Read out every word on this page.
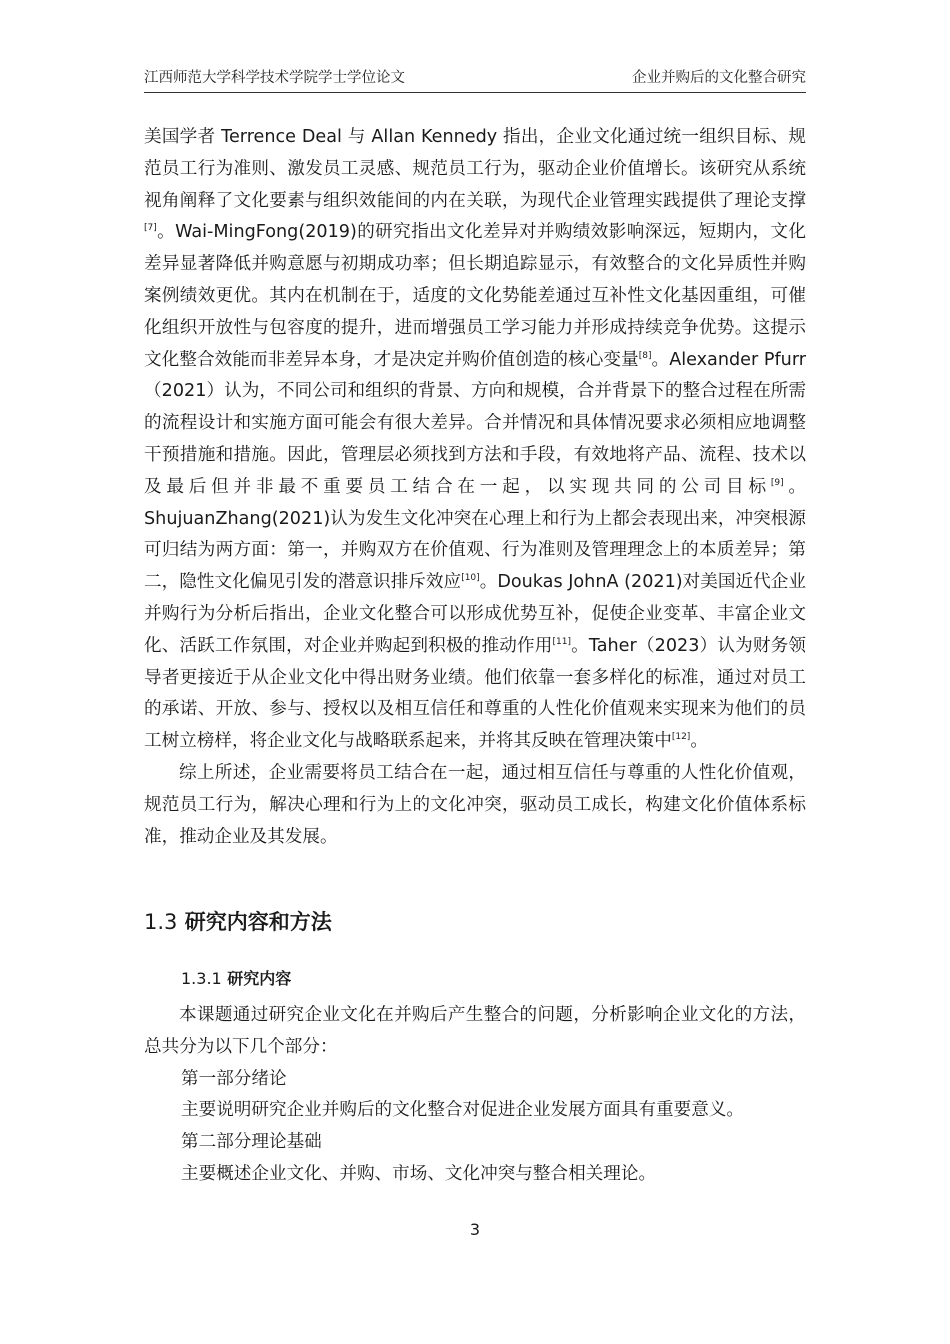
江西师范大学科学技术学院学士学位论文	企业并购后的文化整合研究

美国学者 Terrence Deal 与 Allan Kennedy 指出，企业文化通过统一组织目标、规范员工行为准则、激发员工灵感、规范员工行为，驱动企业价值增长。该研究从系统视角阐释了文化要素与组织效能间的内在关联，为现代企业管理实践提供了理论支撑[7]。Wai-MingFong(2019)的研究指出文化差异对并购绩效影响深远，短期内，文化差异显著降低并购意愿与初期成功率；但长期追踪显示，有效整合的文化异质性并购案例绩效更优。其内在机制在于，适度的文化势能差通过互补性文化基因重组，可催化组织开放性与包容度的提升，进而增强员工学习能力并形成持续竞争优势。这提示文化整合效能而非差异本身，才是决定并购价值创造的核心变量[8]。Alexander Pfurr（2021）认为，不同公司和组织的背景、方向和规模，合并背景下的整合过程在所需的流程设计和实施方面可能会有很大差异。合并情况和具体情况要求必须相应地调整干预措施和措施。因此，管理层必须找到方法和手段，有效地将产品、流程、技术以及最后但并非最不重要员工结合在一起，以实现共同的公司目标[9]。ShujuanZhang(2021)认为发生文化冲突在心理上和行为上都会表现出来，冲突根源可归结为两方面：第一，并购双方在价值观、行为准则及管理理念上的本质差异；第二，隐性文化偏见引发的潜意识排斥效应[10]。Doukas JohnA (2021)对美国近代企业并购行为分析后指出，企业文化整合可以形成优势互补，促使企业变革、丰富企业文化、活跃工作氛围，对企业并购起到积极的推动作用[11]。Taher（2023）认为财务领导者更接近于从企业文化中得出财务业绩。他们依靠一套多样化的标准，通过对员工的承诺、开放、参与、授权以及相互信任和尊重的人性化价值观来实现来为他们的员工树立榜样，将企业文化与战略联系起来，并将其反映在管理决策中[12]。

综上所述，企业需要将员工结合在一起，通过相互信任与尊重的人性化价值观，规范员工行为，解决心理和行为上的文化冲突，驱动员工成长，构建文化价值体系标准，推动企业及其发展。

1.3 研究内容和方法
1.3.1 研究内容

本课题通过研究企业文化在并购后产生整合的问题，分析影响企业文化的方法，总共分为以下几个部分：

第一部分绪论

主要说明研究企业并购后的文化整合对促进企业发展方面具有重要意义。

第二部分理论基础

主要概述企业文化、并购、市场、文化冲突与整合相关理论。

3
